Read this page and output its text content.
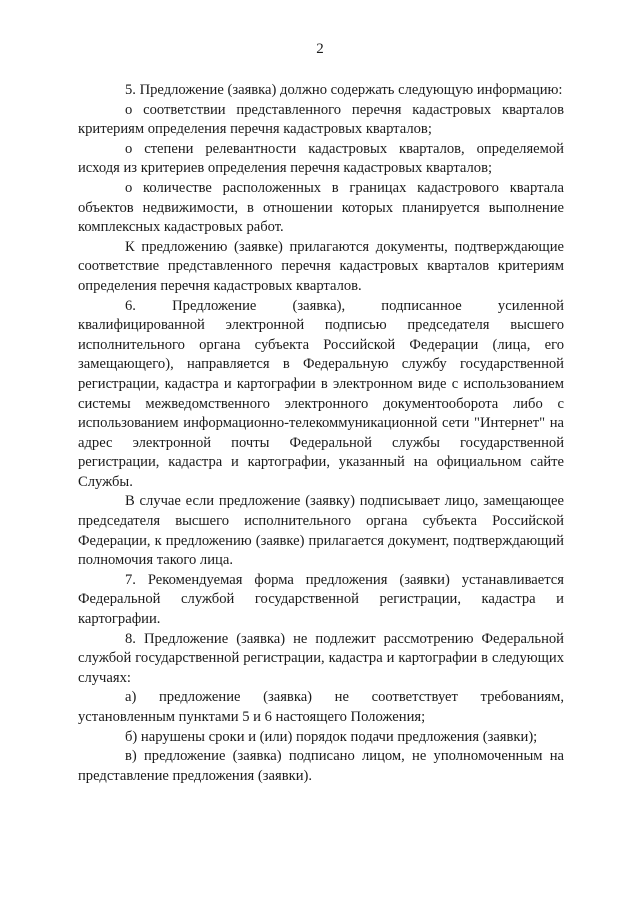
2

5. Предложение (заявка) должно содержать следующую информацию:

о соответствии представленного перечня кадастровых кварталов критериям определения перечня кадастровых кварталов;

о степени релевантности кадастровых кварталов, определяемой исходя из критериев определения перечня кадастровых кварталов;

о количестве расположенных в границах кадастрового квартала объектов недвижимости, в отношении которых планируется выполнение комплексных кадастровых работ.

К предложению (заявке) прилагаются документы, подтверждающие соответствие представленного перечня кадастровых кварталов критериям определения перечня кадастровых кварталов.

6. Предложение (заявка), подписанное усиленной квалифицированной электронной подписью председателя высшего исполнительного органа субъекта Российской Федерации (лица, его замещающего), направляется в Федеральную службу государственной регистрации, кадастра и картографии в электронном виде с использованием системы межведомственного электронного документооборота либо с использованием информационно-телекоммуникационной сети "Интернет" на адрес электронной почты Федеральной службы государственной регистрации, кадастра и картографии, указанный на официальном сайте Службы.

В случае если предложение (заявку) подписывает лицо, замещающее председателя высшего исполнительного органа субъекта Российской Федерации, к предложению (заявке) прилагается документ, подтверждающий полномочия такого лица.

7. Рекомендуемая форма предложения (заявки) устанавливается Федеральной службой государственной регистрации, кадастра и картографии.

8. Предложение (заявка) не подлежит рассмотрению Федеральной службой государственной регистрации, кадастра и картографии в следующих случаях:

а) предложение (заявка) не соответствует требованиям, установленным пунктами 5 и 6 настоящего Положения;

б) нарушены сроки и (или) порядок подачи предложения (заявки);

в) предложение (заявка) подписано лицом, не уполномоченным на представление предложения (заявки).
